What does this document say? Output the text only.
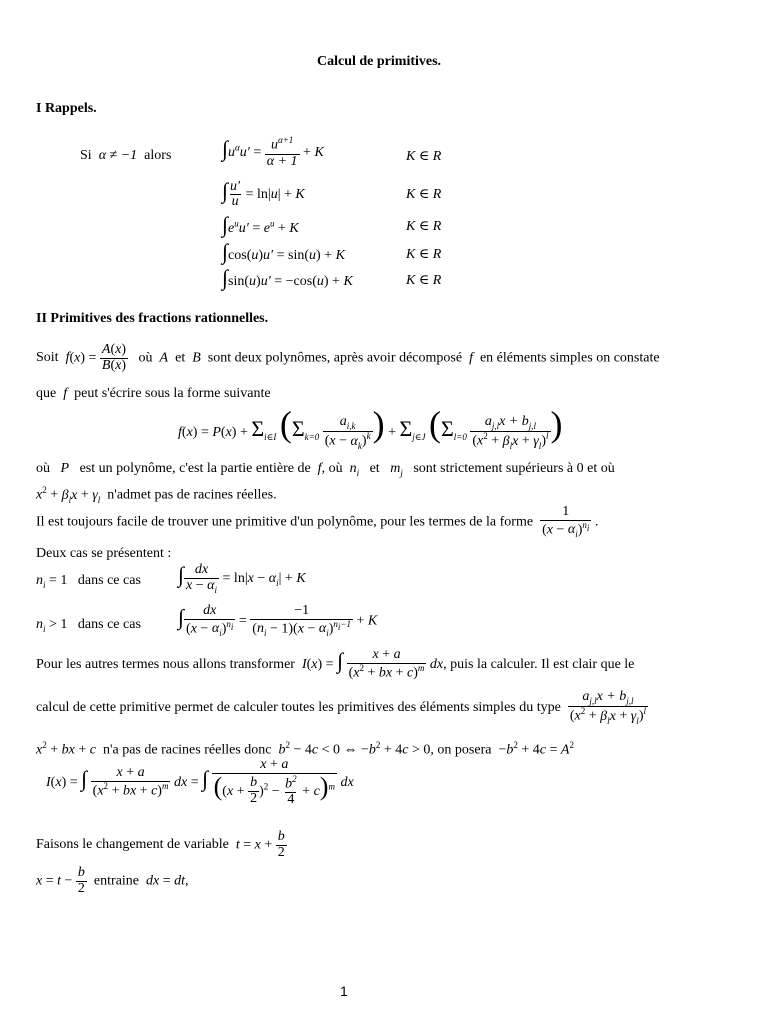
Calcul de primitives.
I Rappels.
Si α ≠ −1 alors $\int u^\alpha u' = \frac{u^{\alpha+1}}{\alpha + 1} + K$	K ∈ R
∫ $\frac{u'}{u} = \ln|u| + K$	K ∈ R
$\int e^uu' = e^u + K$	K ∈ R
∫cos(u)u′ = sin(u) + K	K ∈ R
∫sin(u)u′ = −cos(u) + K	K ∈ R
II Primitives des fractions rationnelles.
Soit $f(x) = \frac{A(x)}{B(x)}$ où A et B sont deux polynômes, après avoir décomposé f en éléments simples on constate
que f peut s'écrire sous la forme suivante
$f(x) = P(x) + \Sigma_{i\in I}$ ($\Sigma_{k=0} \frac{a_{i,k}}{(x - \alpha_k)^k}$ ) + $\Sigma_{j\in J}$ ($\Sigma_{l=0} \frac{a_{j,l}x + b_{j,l}}{(x^2 + \beta_lx + \gamma_l)^l}$ )
où P est un polynôme, c'est la partie entière de f, où $n_i$ et $m_j$ sont strictement supérieurs à 0 et où
$x^2 + \beta_lx + \gamma_l$ n'admet pas de racines réelles.
Il est toujours facile de trouver une primitive d'un polynôme, pour les termes de la forme $\frac{1}{(x - \alpha_i)^{n_i}}$ .
Deux cas se présentent :
$n_i = 1$   dans ce cas ∫ $\frac{dx}{x - \alpha_i} = \ln|x - \alpha_i| + K$
$n_i > 1$   dans ce cas ∫ $\frac{dx}{(x - \alpha_i)^{n_i}} = \frac{-1}{(n_i - 1)(x - \alpha_i)^{n_i-1}} + K$
Pour les autres termes nous allons transformer I(x) = ∫ $\frac{x + a}{(x^2 + bx + c)^m}$ dx, puis la calculer. Il est clair que le
calcul de cette primitive permet de calculer toutes les primitives des éléments simples du type $\frac{a_{j,l}x + b_{j,l}}{(x^2 + \beta_lx + \gamma_l)^l}$
$x^2$ + bx + c n'a pas de racines réelles donc $b^2 - 4c < 0$ ⇔ $-b^2 + 4c > 0$, on posera  $-b^2 + 4c = A^2$
I(x) = ∫ $\frac{x + a}{(x^2 + bx + c)^m}$ dx = ∫ $\frac{x + a}{((x + \frac{b}{2} )^2 - \frac{b^2}{4} + c)^m}$ dx
Faisons le changement de variable $t = x + \frac{b}{2}$
$x = t - \frac{b}{2}$ entraine dx = dt,
1
